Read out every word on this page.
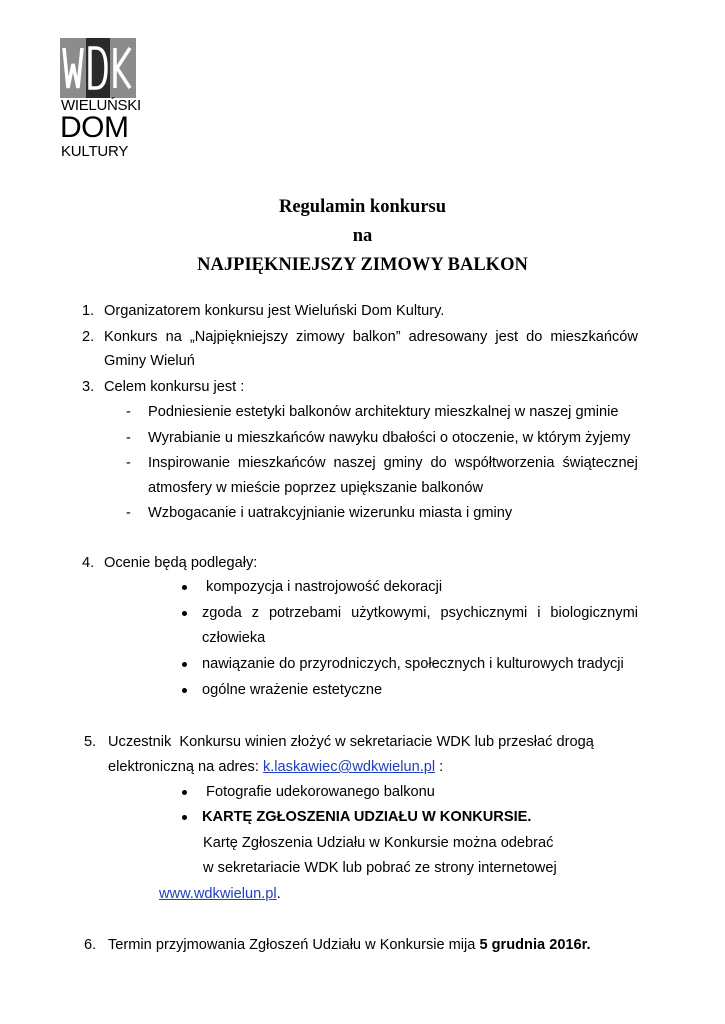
WIELUŃSKI
DOM
KULTURY
Regulamin konkursu
na
NAJPIĘKNIEJSZY ZIMOWY BALKON
1. Organizatorem konkursu jest Wieluński Dom Kultury.
2. Konkurs na „Najpiękniejszy zimowy balkon” adresowany jest do mieszkańców
Gminy Wieluń
3. Celem konkursu jest :
- Podniesienie estetyki balkonów architektury mieszkalnej w naszej gminie
- Wyrabianie u mieszkańców nawyku dbałości o otoczenie, w którym żyjemy
- Inspirowanie mieszkańców naszej gminy do współtworzenia świątecznej
atmosfery w mieście poprzez upiększanie balkonów
- Wzbogacanie i uatrakcyjnianie wizerunku miasta i gminy
4. Ocenie będą podlegały:
kompozycja i nastrojowość dekoracji
zgoda z potrzebami użytkowymi, psychicznymi i biologicznymi
człowieka
nawiązanie do przyrodniczych, społecznych i kulturowych tradycji
ogólne wrażenie estetyczne
5. Uczestnik  Konkursu winien złożyć w sekretariacie WDK lub przesłać drogą
elektroniczną na adres: k.laskawiec@wdkwielun.pl :
Fotografie udekorowanego balkonu
KARTĘ ZGŁOSZENIA UDZIAŁU W KONKURSIE.
Kartę Zgłoszenia Udziału w Konkursie można odebrać
w sekretariacie WDK lub pobrać ze strony internetowej
www.wdkwielun.pl.
6. Termin przyjmowania Zgłoszeń Udziału w Konkursie mija 5 grudnia 2016r.
